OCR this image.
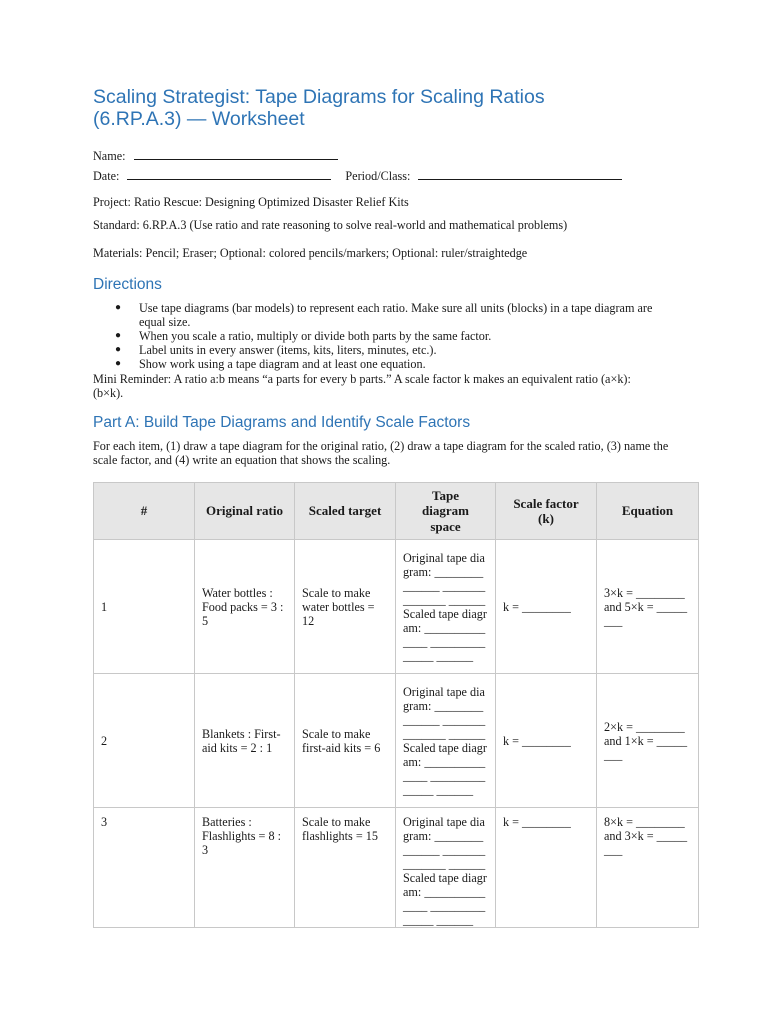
Scaling Strategist: Tape Diagrams for Scaling Ratios
(6.RP.A.3) — Worksheet
Name:
Date:	Period/Class:

Project: Ratio Rescue: Designing Optimized Disaster Relief Kits

Standard: 6.RP.A.3 (Use ratio and rate reasoning to solve real-world and mathematical problems)

Materials: Pencil; Eraser; Optional: colored pencils/markers; Optional: ruler/straightedge

Directions
● Use tape diagrams (bar models) to represent each ratio. Make sure all units (blocks) in a tape diagram are equal size.
● When you scale a ratio, multiply or divide both parts by the same factor.
● Label units in every answer (items, kits, liters, minutes, etc.).
● Show work using a tape diagram and at least one equation.

Mini Reminder: A ratio a:b means “a parts for every b parts.” A scale factor k makes an equivalent ratio (a×k):(b×k).

Part A: Build Tape Diagrams and Identify Scale Factors

For each item, (1) draw a tape diagram for the original ratio, (2) draw a tape diagram for the scaled ratio, (3) name the scale factor, and (4) write an equation that shows the scaling.

#	Original ratio	Scaled target	Tape diagram space	Scale factor (k)	Equation
1	Water bottles : Food packs = 3 : 5	Scale to make water bottles = 12	Original tape diagram: ______________ ______________ ______ Scaled tape diagram: ______________ ______________ ______	k = ________	3×k = ________ and 5×k = ________
2	Blankets : First-aid kits = 2 : 1	Scale to make first-aid kits = 6	Original tape diagram: ______________ ______________ ______ Scaled tape diagram: ______________ ______________ ______	k = ________	2×k = ________ and 1×k = ________
3	Batteries : Flashlights = 8 : 3	Scale to make flashlights = 15	Original tape diagram: ______________ ______________ ______ Scaled tape diagram: ______________ ______________ ______	k = ________	8×k = ________ and 3×k = ________
